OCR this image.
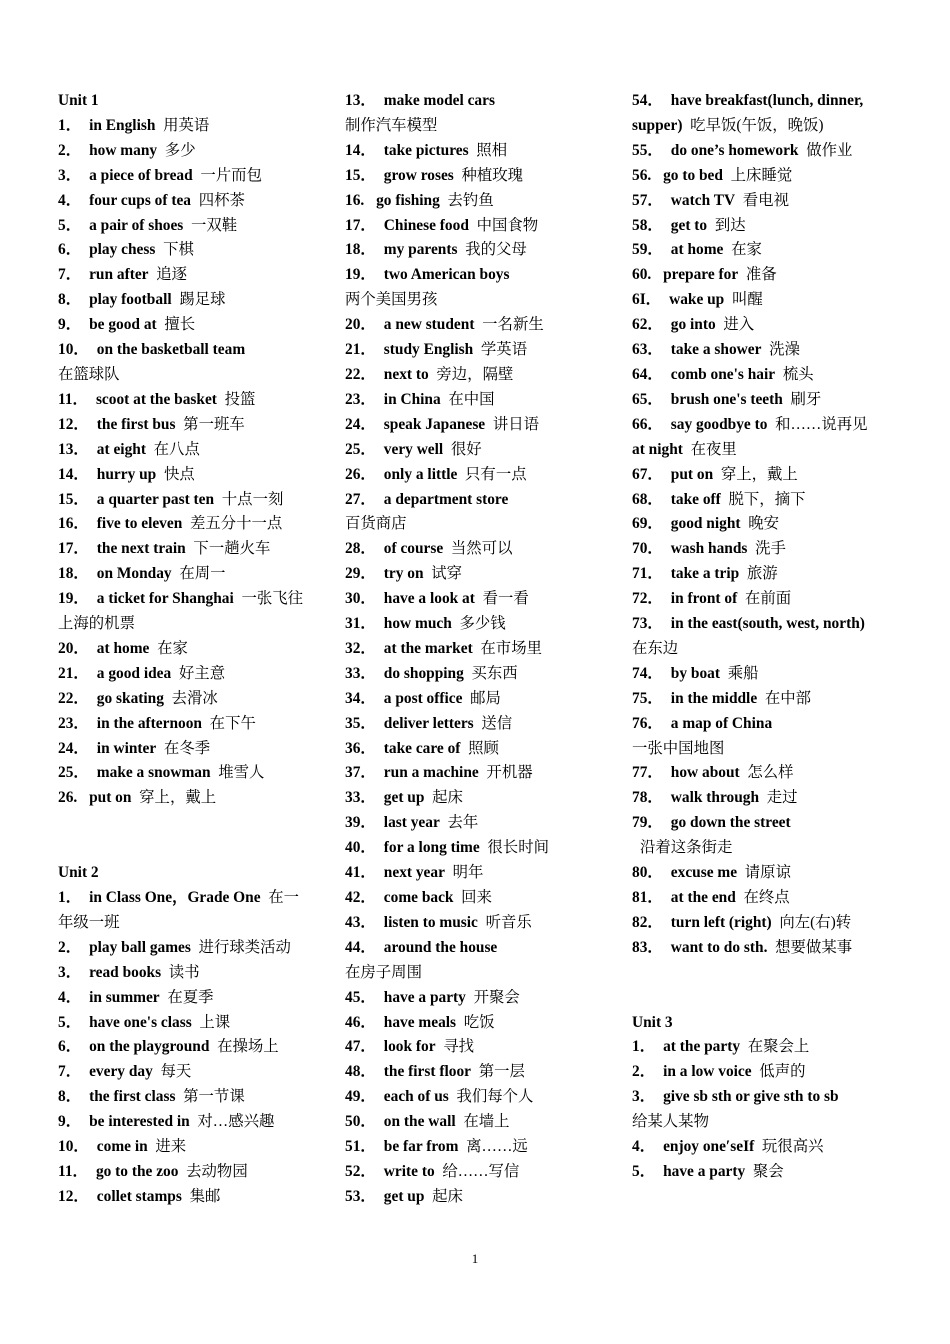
Unit 1
1． in English 用英语
2． how many 多少
3． a piece of bread 一片而包
4． four cups of tea 四杯茶
5． a pair of shoes 一双鞋
6． play chess 下棋
7． run after 追逐
8． play football 踢足球
9． be good at 擅长
10． on the basketball team
在篮球队
11． scoot at the basket 投篮
12． the first bus 第一班车
13． at eight 在八点
14． hurry up 快点
15． a quarter past ten 十点一刻
16． five to eleven 差五分十一点
17． the next train 下一趟火车
18． on Monday 在周一
19． a ticket for Shanghai 一张飞往
上海的机票
20． at home 在家
21． a good idea 好主意
22． go skating 去滑冰
23． in the afternoon 在下午
24． in winter 在冬季
25． make a snowman 堆雪人
26. put on 穿上，戴上
Unit 2
1． in Class One，Grade One 在一
年级一班
2． play ball games 进行球类活动
3． read books 读书
4． in summer 在夏季
5． have one's class 上课
6． on the playground 在操场上
7． every day 每天
8． the first class 第一节课
9． be interested in 对…感兴趣
10． come in 进来
11． go to the zoo 去动物园
12． collet stamps 集邮
13． make model cars
制作汽车模型
14． take pictures 照相
15． grow roses 种植玫瑰
16. go fishing 去钓鱼
17． Chinese food 中国食物
18． my parents 我的父母
19． two American boys
两个美国男孩
20． a new student 一名新生
21． study English 学英语
22． next to 旁边，隔壁
23． in China 在中国
24． speak Japanese 讲日语
25． very well 很好
26． only a little 只有一点
27． a department store
百货商店
28． of course 当然可以
29． try on 试穿
30． have a look at 看一看
31． how much 多少钱
32． at the market 在市场里
33． do shopping 买东西
34． a post office 邮局
35． deliver letters 送信
36． take care of 照顾
37． run a machine 开机器
33． get up 起床
39． last year 去年
40． for a long time 很长时间
41． next year 明年
42． come back 回来
43． listen to music 听音乐
44． around the house
在房子周围
45． have a party 开聚会
46． have meals 吃饭
47． look for 寻找
48． the first floor 第一层
49． each of us 我们每个人
50． on the wall 在墙上
51． be far from 离……远
52． write to 给……写信
53． get up 起床
54． have breakfast(lunch, dinner,
supper) 吃早饭(午饭，晚饭)
55． do one’s homework 做作业
56. go to bed 上床睡觉
57． watch TV 看电视
58． get to 到达
59． at home 在家
60. prepare for 准备
6I． wake up 叫醒
62． go into 进入
63． take a shower 洗澡
64． comb one's hair 梳头
65． brush one's teeth 刷牙
66． say goodbye to 和……说再见
at night 在夜里
67． put on 穿上，戴上
68． take off 脱下，摘下
69． good night 晚安
70． wash hands 洗手
71． take a trip 旅游
72． in front of 在前面
73． in the east(south, west, north)
在东边
74． by boat 乘船
75． in the middle 在中部
76． a map of China
一张中国地图
77． how about 怎么样
78． walk through 走过
79． go down the street
沿着这条街走
80． excuse me 请原谅
81． at the end 在终点
82． turn left (right) 向左(右)转
83． want to do sth. 想要做某事
Unit 3
1． at the party 在聚会上
2． in a low voice 低声的
3． give sb sth or give sth to sb
给某人某物
4． enjoy one′seIf 玩很高兴
5． have a party 聚会
1
